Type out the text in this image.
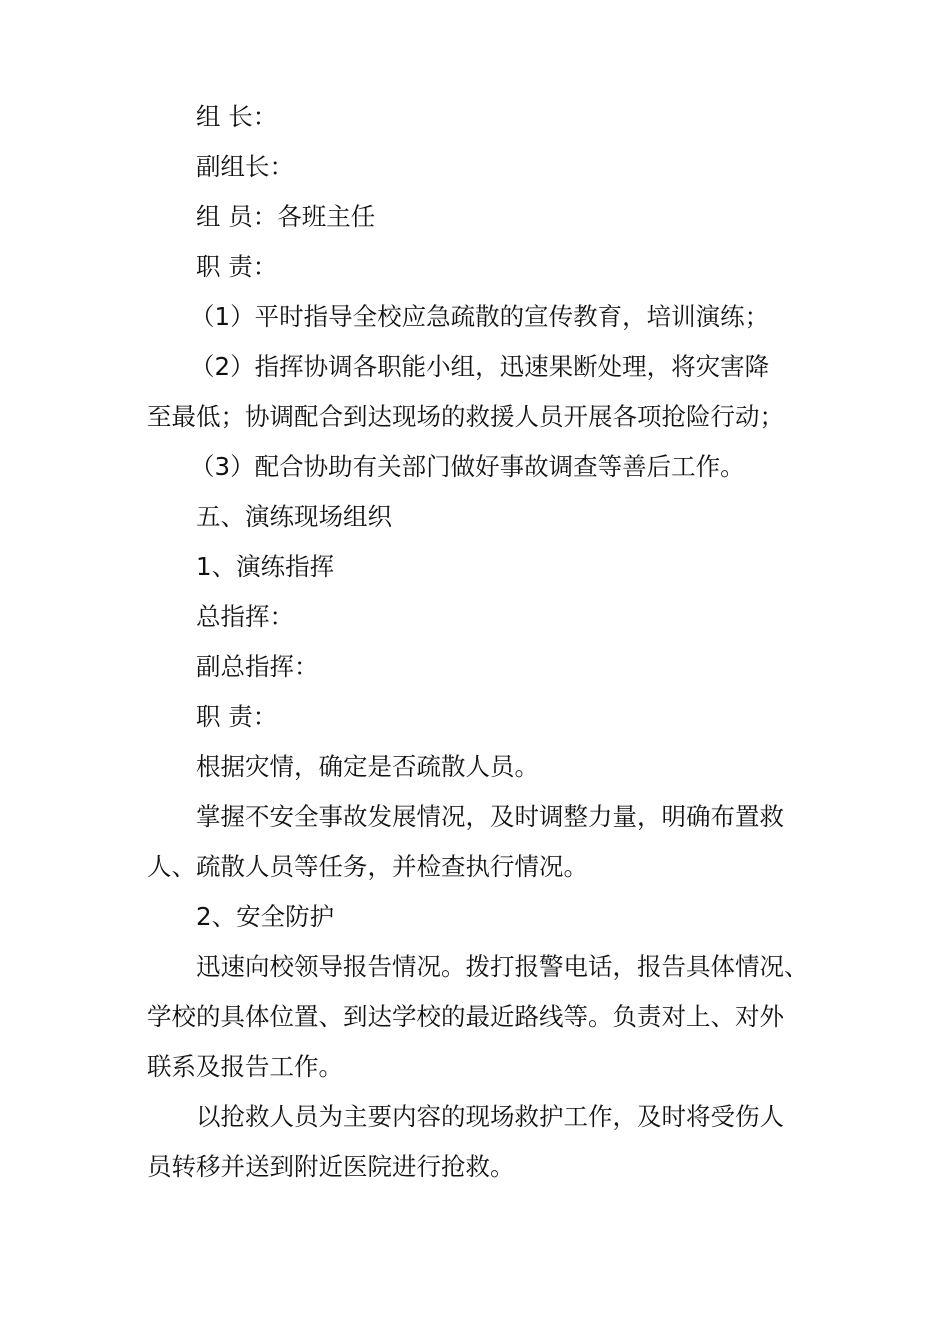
组 长：

副组长：

组 员：各班主任

职 责：

（1）平时指导全校应急疏散的宣传教育，培训演练；

（2）指挥协调各职能小组，迅速果断处理，将灾害降

至最低；协调配合到达现场的救援人员开展各项抢险行动；

（3）配合协助有关部门做好事故调查等善后工作。

五、演练现场组织

1、演练指挥

总指挥：

副总指挥：

职 责：

根据灾情，确定是否疏散人员。

掌握不安全事故发展情况，及时调整力量，明确布置救

人、疏散人员等任务，并检查执行情况。

2、安全防护

迅速向校领导报告情况。拨打报警电话，报告具体情况、

学校的具体位置、到达学校的最近路线等。负责对上、对外

联系及报告工作。

以抢救人员为主要内容的现场救护工作，及时将受伤人

员转移并送到附近医院进行抢救。
